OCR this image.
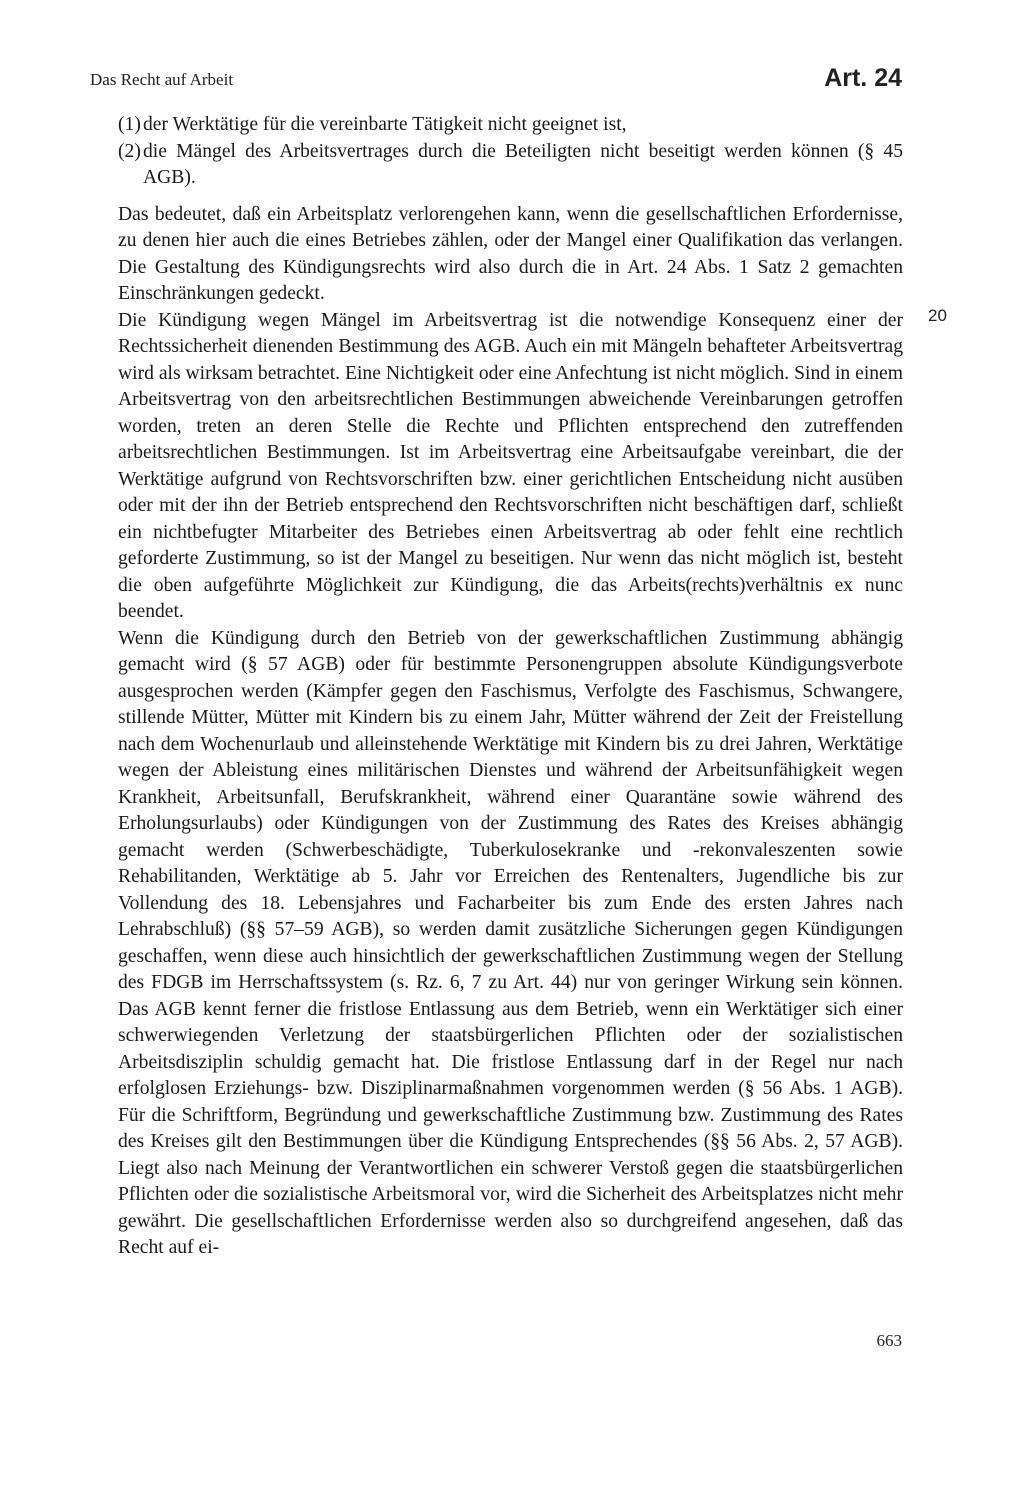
Das Recht auf Arbeit	Art. 24
20
(1) der Werktätige für die vereinbarte Tätigkeit nicht geeignet ist,
(2) die Mängel des Arbeitsvertrages durch die Beteiligten nicht beseitigt werden können (§ 45 AGB).

Das bedeutet, daß ein Arbeitsplatz verlorengehen kann, wenn die gesellschaftlichen Erfordernisse, zu denen hier auch die eines Betriebes zählen, oder der Mangel einer Qualifikation das verlangen. Die Gestaltung des Kündigungsrechts wird also durch die in Art. 24 Abs. 1 Satz 2 gemachten Einschränkungen gedeckt.

Die Kündigung wegen Mängel im Arbeitsvertrag ist die notwendige Konsequenz einer der Rechtssicherheit dienenden Bestimmung des AGB. Auch ein mit Mängeln behafteter Arbeitsvertrag wird als wirksam betrachtet. Eine Nichtigkeit oder eine Anfechtung ist nicht möglich. Sind in einem Arbeitsvertrag von den arbeitsrechtlichen Bestimmungen abweichende Vereinbarungen getroffen worden, treten an deren Stelle die Rechte und Pflichten entsprechend den zutreffenden arbeitsrechtlichen Bestimmungen. Ist im Arbeitsvertrag eine Arbeitsaufgabe vereinbart, die der Werktätige aufgrund von Rechtsvorschriften bzw. einer gerichtlichen Entscheidung nicht ausüben oder mit der ihn der Betrieb entsprechend den Rechtsvorschriften nicht beschäftigen darf, schließt ein nichtbefugter Mitarbeiter des Betriebes einen Arbeitsvertrag ab oder fehlt eine rechtlich geforderte Zustimmung, so ist der Mangel zu beseitigen. Nur wenn das nicht möglich ist, besteht die oben aufgeführte Möglichkeit zur Kündigung, die das Arbeits(rechts)verhältnis ex nunc beendet.

Wenn die Kündigung durch den Betrieb von der gewerkschaftlichen Zustimmung abhängig gemacht wird (§ 57 AGB) oder für bestimmte Personengruppen absolute Kündigungsverbote ausgesprochen werden (Kämpfer gegen den Faschismus, Verfolgte des Faschismus, Schwangere, stillende Mütter, Mütter mit Kindern bis zu einem Jahr, Mütter während der Zeit der Freistellung nach dem Wochenurlaub und alleinstehende Werktätige mit Kindern bis zu drei Jahren, Werktätige wegen der Ableistung eines militärischen Dienstes und während der Arbeitsunfähigkeit wegen Krankheit, Arbeitsunfall, Berufskrankheit, während einer Quarantäne sowie während des Erholungsurlaubs) oder Kündigungen von der Zustimmung des Rates des Kreises abhängig gemacht werden (Schwerbeschädigte, Tuberkulosekranke und -rekonvaleszenten sowie Rehabilitanden, Werktätige ab 5. Jahr vor Erreichen des Rentenalters, Jugendliche bis zur Vollendung des 18. Lebensjahres und Facharbeiter bis zum Ende des ersten Jahres nach Lehrabschluß) (§§ 57–59 AGB), so werden damit zusätzliche Sicherungen gegen Kündigungen geschaffen, wenn diese auch hinsichtlich der gewerkschaftlichen Zustimmung wegen der Stellung des FDGB im Herrschaftssystem (s. Rz. 6, 7 zu Art. 44) nur von geringer Wirkung sein können. Das AGB kennt ferner die fristlose Entlassung aus dem Betrieb, wenn ein Werktätiger sich einer schwerwiegenden Verletzung der staatsbürgerlichen Pflichten oder der sozialistischen Arbeitsdisziplin schuldig gemacht hat. Die fristlose Entlassung darf in der Regel nur nach erfolglosen Erziehungs- bzw. Disziplinarmaßnahmen vorgenommen werden (§ 56 Abs. 1 AGB). Für die Schriftform, Begründung und gewerkschaftliche Zustimmung bzw. Zustimmung des Rates des Kreises gilt den Bestimmungen über die Kündigung Entsprechendes (§§ 56 Abs. 2, 57 AGB). Liegt also nach Meinung der Verantwortlichen ein schwerer Verstoß gegen die staatsbürgerlichen Pflichten oder die sozialistische Arbeitsmoral vor, wird die Sicherheit des Arbeitsplatzes nicht mehr gewährt. Die gesellschaftlichen Erfordernisse werden also so durchgreifend angesehen, daß das Recht auf ei-

663
